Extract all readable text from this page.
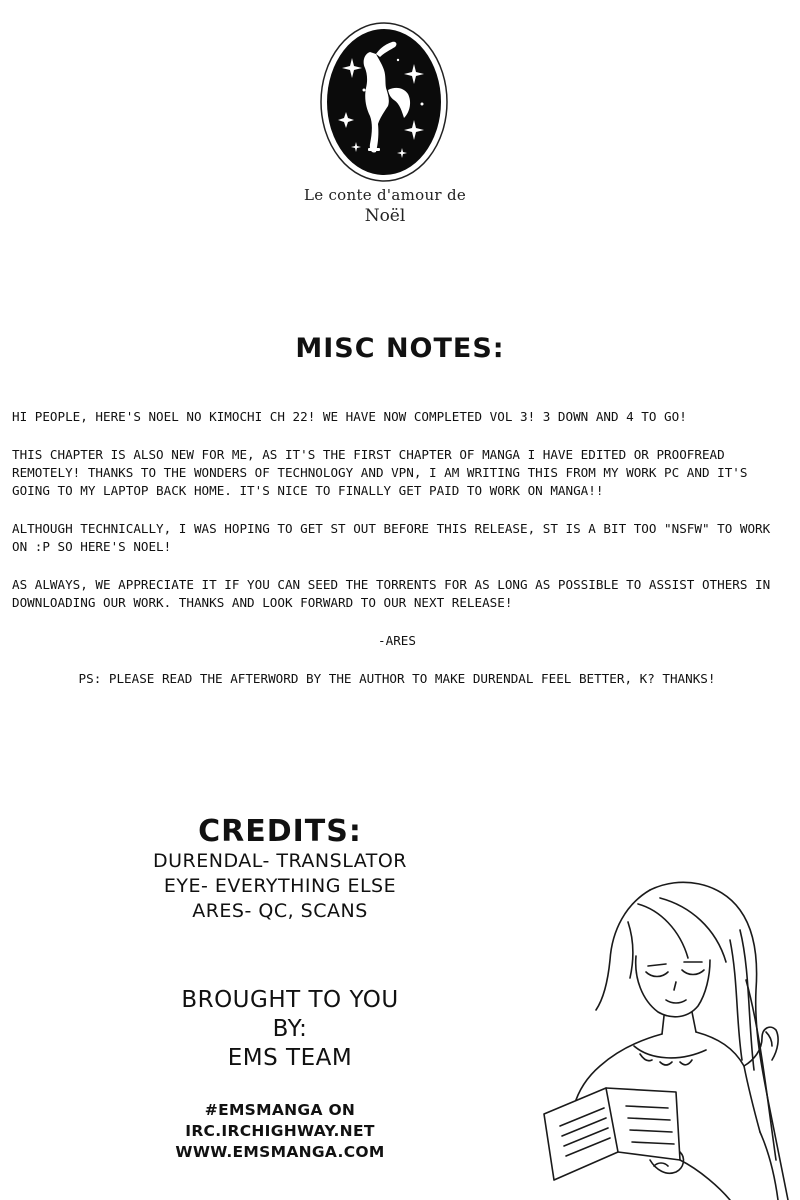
Le conte d'amour de
Noël
MISC NOTES:

HI PEOPLE, HERE'S NOEL NO KIMOCHI CH 22! WE HAVE NOW COMPLETED VOL 3! 3 DOWN AND 4 TO GO!

THIS CHAPTER IS ALSO NEW FOR ME, AS IT'S THE FIRST CHAPTER OF MANGA I HAVE EDITED OR PROOFREAD REMOTELY! THANKS TO THE WONDERS OF TECHNOLOGY AND VPN, I AM WRITING THIS FROM MY WORK PC AND IT'S GOING TO MY LAPTOP BACK HOME. IT'S NICE TO FINALLY GET PAID TO WORK ON MANGA!!

ALTHOUGH TECHNICALLY, I WAS HOPING TO GET ST OUT BEFORE THIS RELEASE, ST IS A BIT TOO "NSFW" TO WORK ON :P SO HERE'S NOEL!

AS ALWAYS, WE APPRECIATE IT IF YOU CAN SEED THE TORRENTS FOR AS LONG AS POSSIBLE TO ASSIST OTHERS IN DOWNLOADING OUR WORK. THANKS AND LOOK FORWARD TO OUR NEXT RELEASE!

-ARES

PS: PLEASE READ THE AFTERWORD BY THE AUTHOR TO MAKE DURENDAL FEEL BETTER, K? THANKS!

CREDITS:
DURENDAL- TRANSLATOR
EYE- EVERYTHING ELSE
ARES- QC, SCANS
BROUGHT TO YOU
BY:
EMS TEAM
#EMSMANGA ON
IRC.IRCHIGHWAY.NET
WWW.EMSMANGA.COM
